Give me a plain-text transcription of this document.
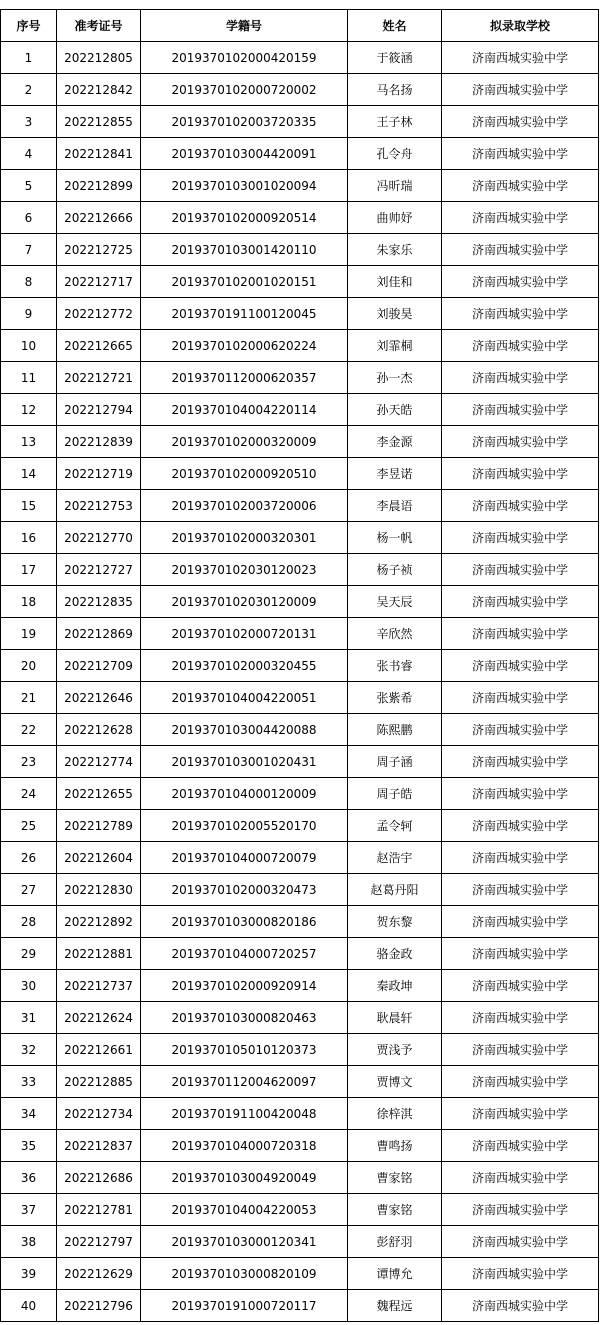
序号	准考证号	学籍号	姓名	拟录取学校
1	202212805	2019370102000420159	于筱涵	济南西城实验中学
2	202212842	2019370102000720002	马名扬	济南西城实验中学
3	202212855	2019370102003720335	王子林	济南西城实验中学
4	202212841	2019370103004420091	孔令舟	济南西城实验中学
5	202212899	2019370103001020094	冯昕瑞	济南西城实验中学
6	202212666	2019370102000920514	曲帅妤	济南西城实验中学
7	202212725	2019370103001420110	朱家乐	济南西城实验中学
8	202212717	2019370102001020151	刘佳和	济南西城实验中学
9	202212772	2019370191100120045	刘骏昊	济南西城实验中学
10	202212665	2019370102000620224	刘霏桐	济南西城实验中学
11	202212721	2019370112000620357	孙一杰	济南西城实验中学
12	202212794	2019370104004220114	孙天皓	济南西城实验中学
13	202212839	2019370102000320009	李金源	济南西城实验中学
14	202212719	2019370102000920510	李昱诺	济南西城实验中学
15	202212753	2019370102003720006	李晨语	济南西城实验中学
16	202212770	2019370102000320301	杨一帆	济南西城实验中学
17	202212727	2019370102030120023	杨子祯	济南西城实验中学
18	202212835	2019370102030120009	吴天辰	济南西城实验中学
19	202212869	2019370102000720131	辛欣然	济南西城实验中学
20	202212709	2019370102000320455	张书睿	济南西城实验中学
21	202212646	2019370104004220051	张紫希	济南西城实验中学
22	202212628	2019370103004420088	陈熙鹏	济南西城实验中学
23	202212774	2019370103001020431	周子涵	济南西城实验中学
24	202212655	2019370104000120009	周子皓	济南西城实验中学
25	202212789	2019370102005520170	孟令轲	济南西城实验中学
26	202212604	2019370104000720079	赵浩宇	济南西城实验中学
27	202212830	2019370102000320473	赵葛丹阳	济南西城实验中学
28	202212892	2019370103000820186	贺东黎	济南西城实验中学
29	202212881	2019370104000720257	骆金政	济南西城实验中学
30	202212737	2019370102000920914	秦政坤	济南西城实验中学
31	202212624	2019370103000820463	耿晨轩	济南西城实验中学
32	202212661	2019370105010120373	贾浅予	济南西城实验中学
33	202212885	2019370112004620097	贾博文	济南西城实验中学
34	202212734	2019370191100420048	徐梓淇	济南西城实验中学
35	202212837	2019370104000720318	曹鸣扬	济南西城实验中学
36	202212686	2019370103004920049	曹家铭	济南西城实验中学
37	202212781	2019370104004220053	曹家铭	济南西城实验中学
38	202212797	2019370103000120341	彭舒羽	济南西城实验中学
39	202212629	2019370103000820109	谭博允	济南西城实验中学
40	202212796	2019370191000720117	魏程远	济南西城实验中学
